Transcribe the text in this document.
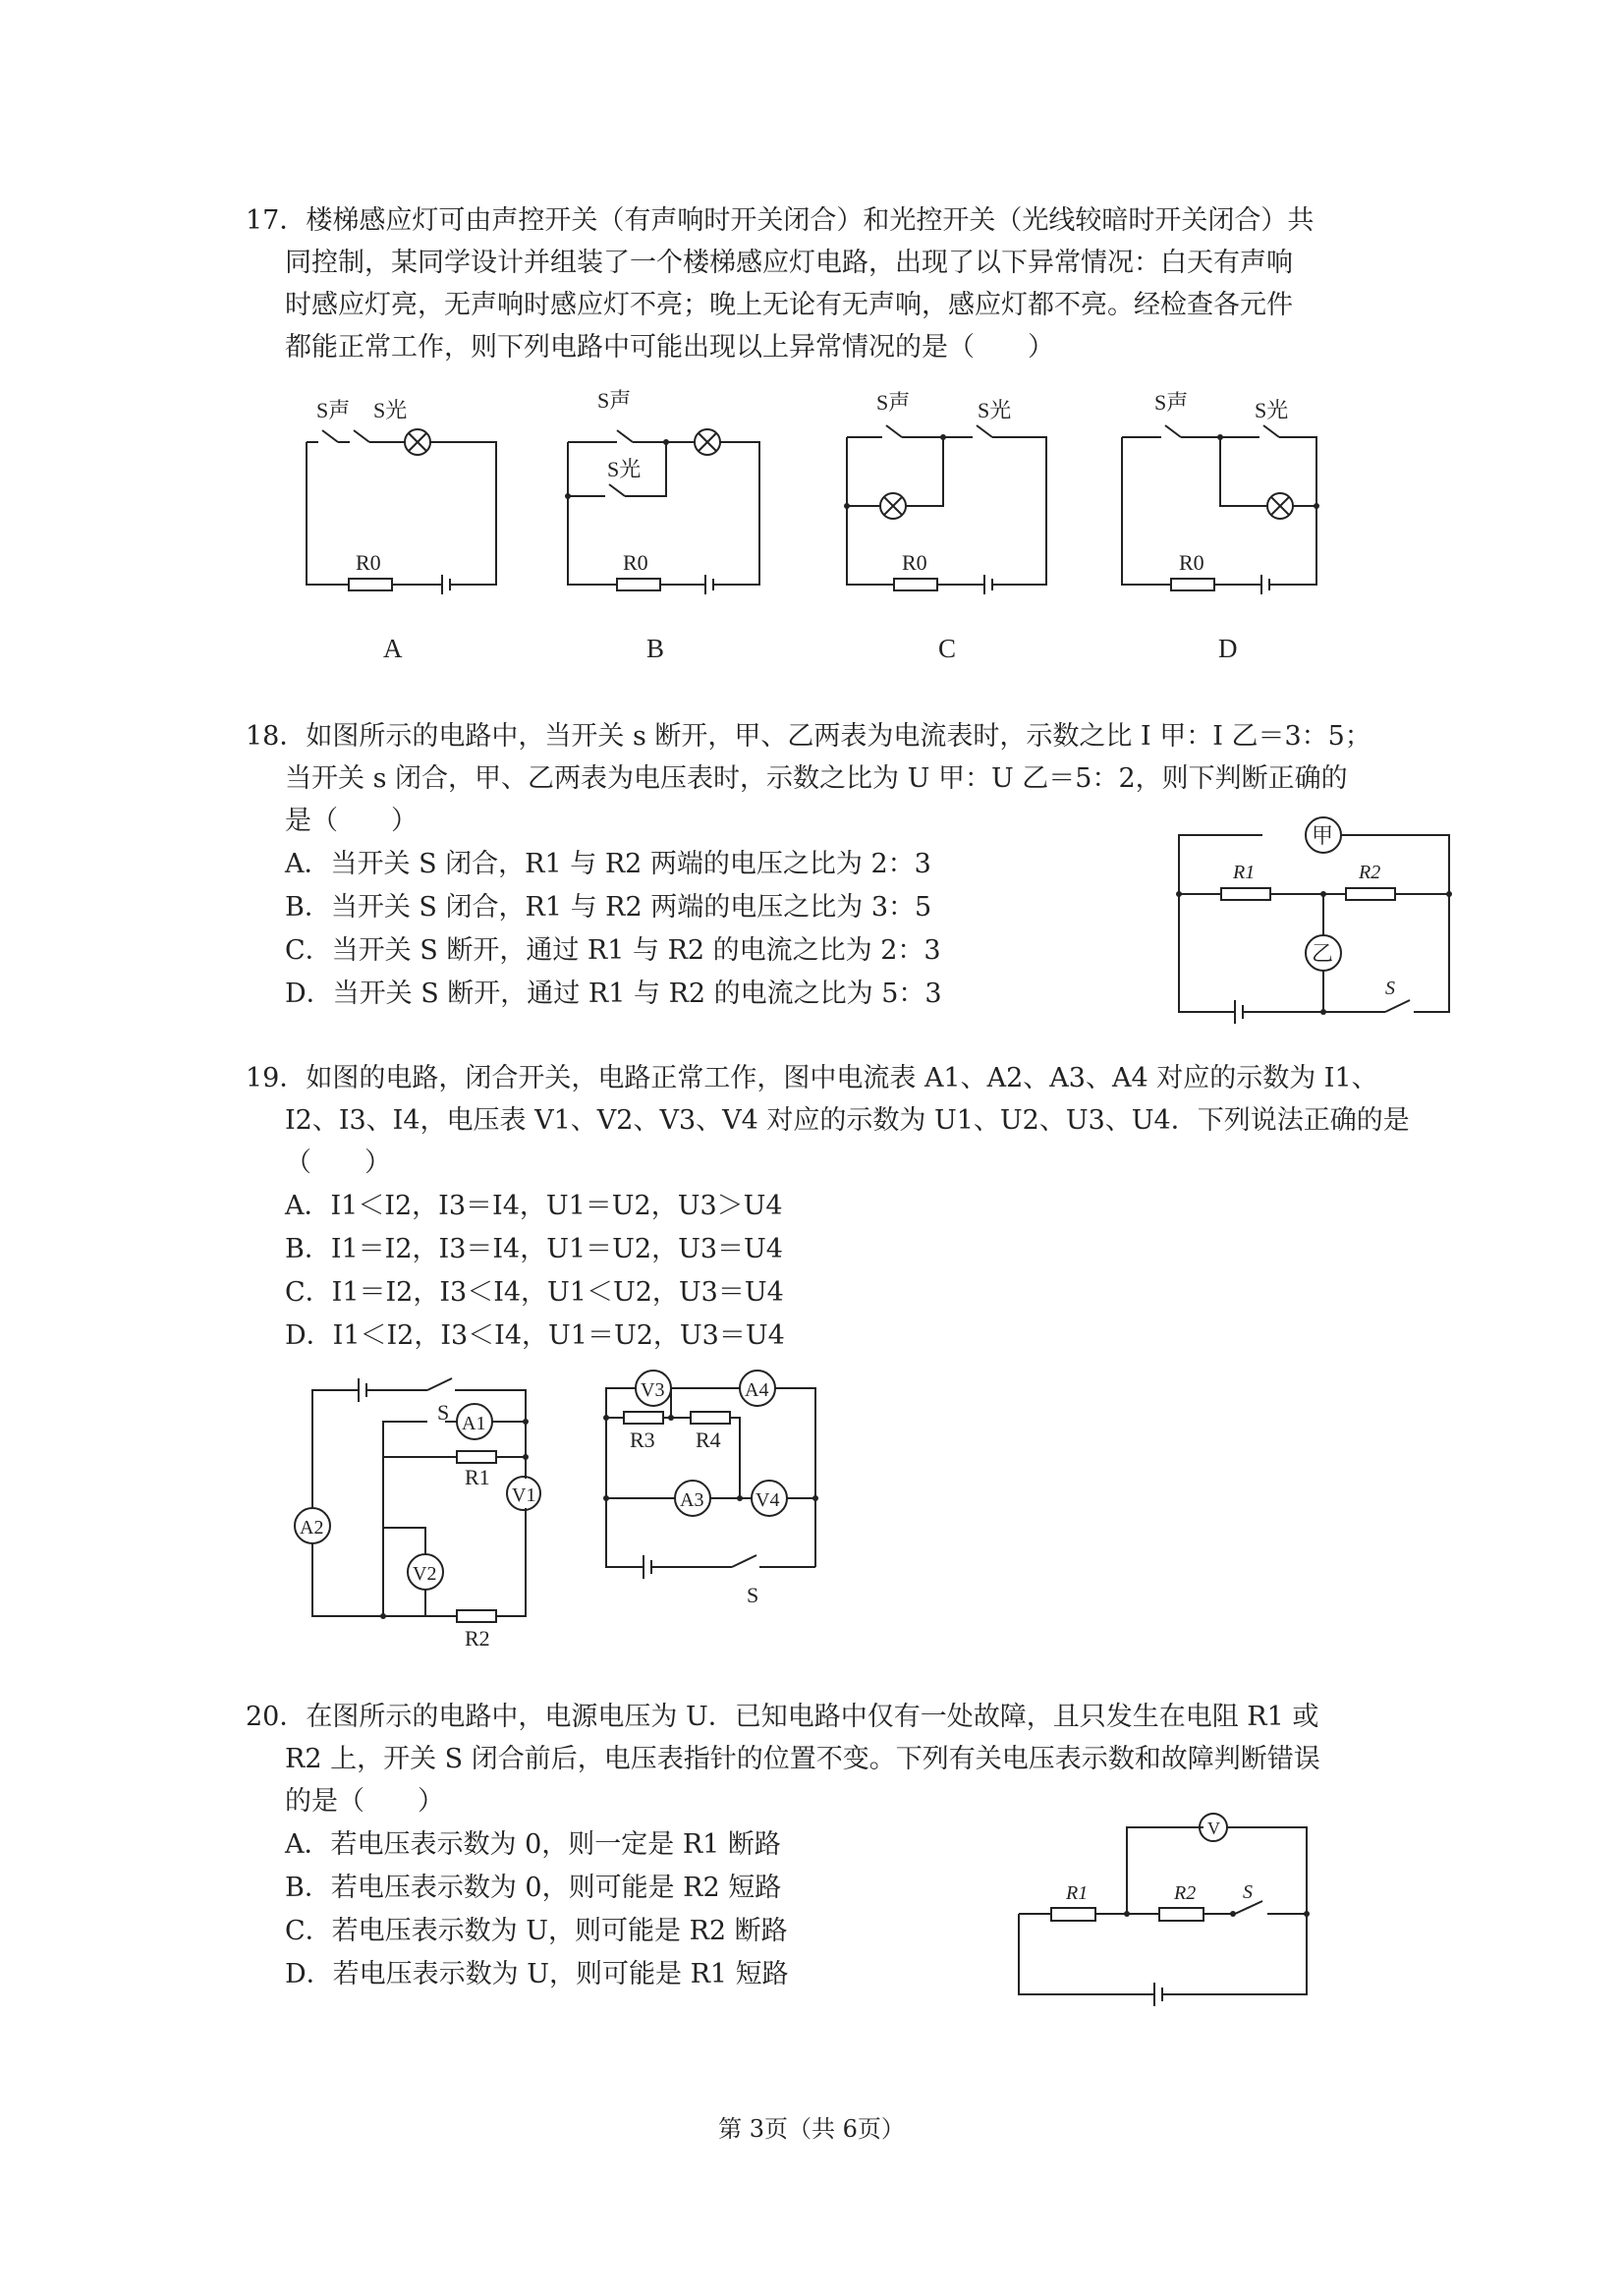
17．楼梯感应灯可由声控开关（有声响时开关闭合）和光控开关（光线较暗时开关闭合）共
同控制，某同学设计并组装了一个楼梯感应灯电路，出现了以下异常情况：白天有声响
时感应灯亮，无声响时感应灯不亮；晚上无论有无声响，感应灯都不亮。经检查各元件
都能正常工作，则下列电路中可能出现以上异常情况的是（　　）
S声 S光
R0
A
S声
S光
R0
B
S声	S光
R0
C
S声	S光
R0
D
18．如图所示的电路中，当开关 s 断开，甲、乙两表为电流表时，示数之比 I 甲：I 乙＝3：5；
当开关 s 闭合，甲、乙两表为电压表时，示数之比为 U 甲：U 乙＝5：2，则下判断正确的
是（　　）
A．当开关 S 闭合，R1 与 R2 两端的电压之比为 2：3
B．当开关 S 闭合，R1 与 R2 两端的电压之比为 3：5
C．当开关 S 断开，通过 R1 与 R2 的电流之比为 2：3
D．当开关 S 断开，通过 R1 与 R2 的电流之比为 5：3
甲
乙
R1	R2
S
19．如图的电路，闭合开关，电路正常工作，图中电流表 A1、A2、A3、A4 对应的示数为 I1、
I2、I3、I4，电压表 V1、V2、V3、V4 对应的示数为 U1、U2、U3、U4．下列说法正确的是
（　　）
A．I1＜I2，I3＝I4，U1＝U2，U3＞U4
B．I1＝I2，I3＝I4，U1＝U2，U3＝U4
C．I1＝I2，I3＜I4，U1＜U2，U3＝U4
D．I1＜I2，I3＜I4，U1＝U2，U3＝U4
S A1
A2
V1
V2
R1
R2
V3	A4
R3 R4
A3	V4
S
20．在图所示的电路中，电源电压为 U．已知电路中仅有一处故障，且只发生在电阻 R1 或
R2 上，开关 S 闭合前后，电压表指针的位置不变。下列有关电压表示数和故障判断错误
的是（　　）
A．若电压表示数为 0，则一定是 R1 断路
B．若电压表示数为 0，则可能是 R2 短路
C．若电压表示数为 U，则可能是 R2 断路
D．若电压表示数为 U，则可能是 R1 短路
V
R1	R2 S
第 3页（共 6页）
